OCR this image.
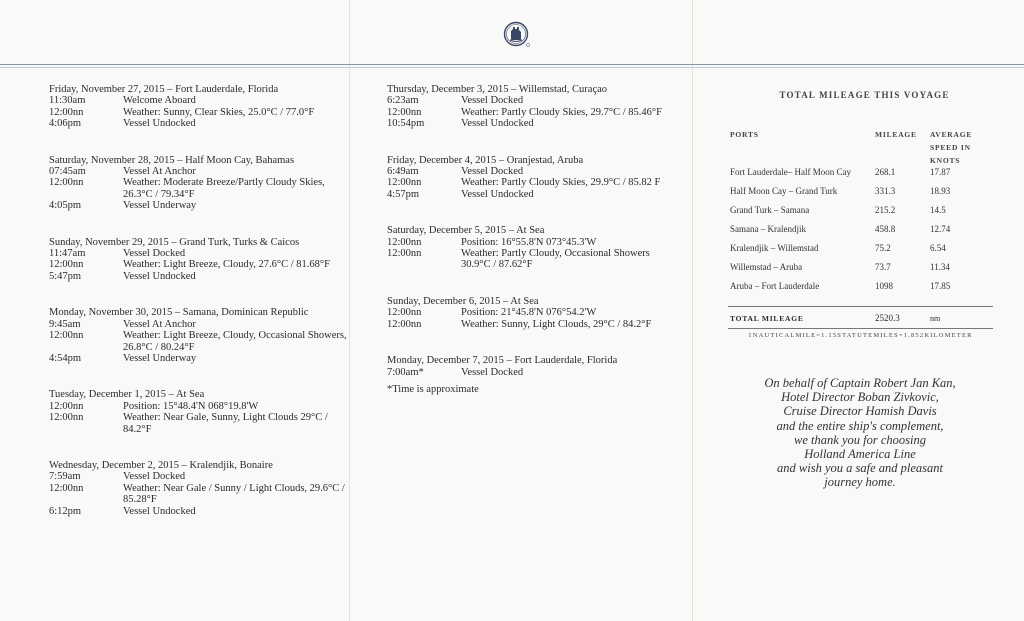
Friday, November 27, 2015 – Fort Lauderdale, Florida
11:30am	Welcome Aboard
12:00nn	Weather: Sunny, Clear Skies, 25.0°C / 77.0°F
4:06pm	Vessel Undocked
Saturday, November 28, 2015 – Half Moon Cay, Bahamas
07:45am	Vessel At Anchor
12:00nn	Weather: Moderate Breeze/Partly Cloudy Skies, 26.3°C / 79.34°F
4:05pm	Vessel Underway
Sunday, November 29, 2015 – Grand Turk, Turks & Caicos
11:47am	Vessel Docked
12:00nn	Weather: Light Breeze, Cloudy, 27.6°C / 81.68°F
5:47pm	Vessel Undocked
Monday, November 30, 2015 – Samana, Dominican Republic
9:45am	Vessel At Anchor
12:00nn	Weather: Light Breeze, Cloudy, Occasional Showers, 26.8°C / 80.24°F
4:54pm	Vessel Underway
Tuesday, December 1, 2015 – At Sea
12:00nn	Position: 15°48.4'N 068°19.8'W
12:00nn	Weather: Near Gale, Sunny, Light Clouds 29°C / 84.2°F
Wednesday, December 2, 2015 – Kralendjik, Bonaire
7:59am	Vessel Docked
12:00nn	Weather: Near Gale / Sunny / Light Clouds, 29.6°C / 85.28°F
6:12pm	Vessel Undocked
Thursday, December 3, 2015 – Willemstad, Curaçao
6:23am	Vessel Docked
12:00nn	Weather: Partly Cloudy Skies, 29.7°C / 85.46°F
10:54pm	Vessel Undocked
Friday, December 4, 2015 – Oranjestad, Aruba
6:49am	Vessel Docked
12:00nn	Weather: Partly Cloudy Skies, 29.9°C / 85.82 F
4:57pm	Vessel Undocked
Saturday, December 5, 2015 – At Sea
12:00nn	Position: 16°55.8'N 073°45.3'W
12:00nn	Weather: Partly Cloudy, Occasional Showers 30.9°C / 87.62°F
Sunday, December 6, 2015 – At Sea
12:00nn	Position: 21°45.8'N 076°54.2'W
12:00nn	Weather: Sunny, Light Clouds, 29°C / 84.2°F
Monday, December 7, 2015 – Fort Lauderdale, Florida
7:00am*	Vessel Docked
*Time is approximate
TOTAL MILEAGE THIS VOYAGE
PORTS	MILEAGE	AVERAGE
SPEED IN
KNOTS
Fort Lauderdale– Half Moon Cay	268.1	17.87
Half Moon Cay – Grand Turk	331.3	18.93
Grand Turk – Samana	215.2	14.5
Samana – Kralendjik	458.8	12.74
Kralendjik – Willemstad	75.2	6.54
Willemstad – Aruba	73.7	11.34
Aruba – Fort Lauderdale	1098	17.85
TOTAL MILEAGE	2520.3	nm
1NAUTICALMILE=1.15STATUTEMILES=1.852KILOMETER
On behalf of Captain Robert Jan Kan,
Hotel Director Boban Zivkovic,
Cruise Director Hamish Davis
and the entire ship's complement,
we thank you for choosing
Holland America Line
and wish you a safe and pleasant
journey home.
